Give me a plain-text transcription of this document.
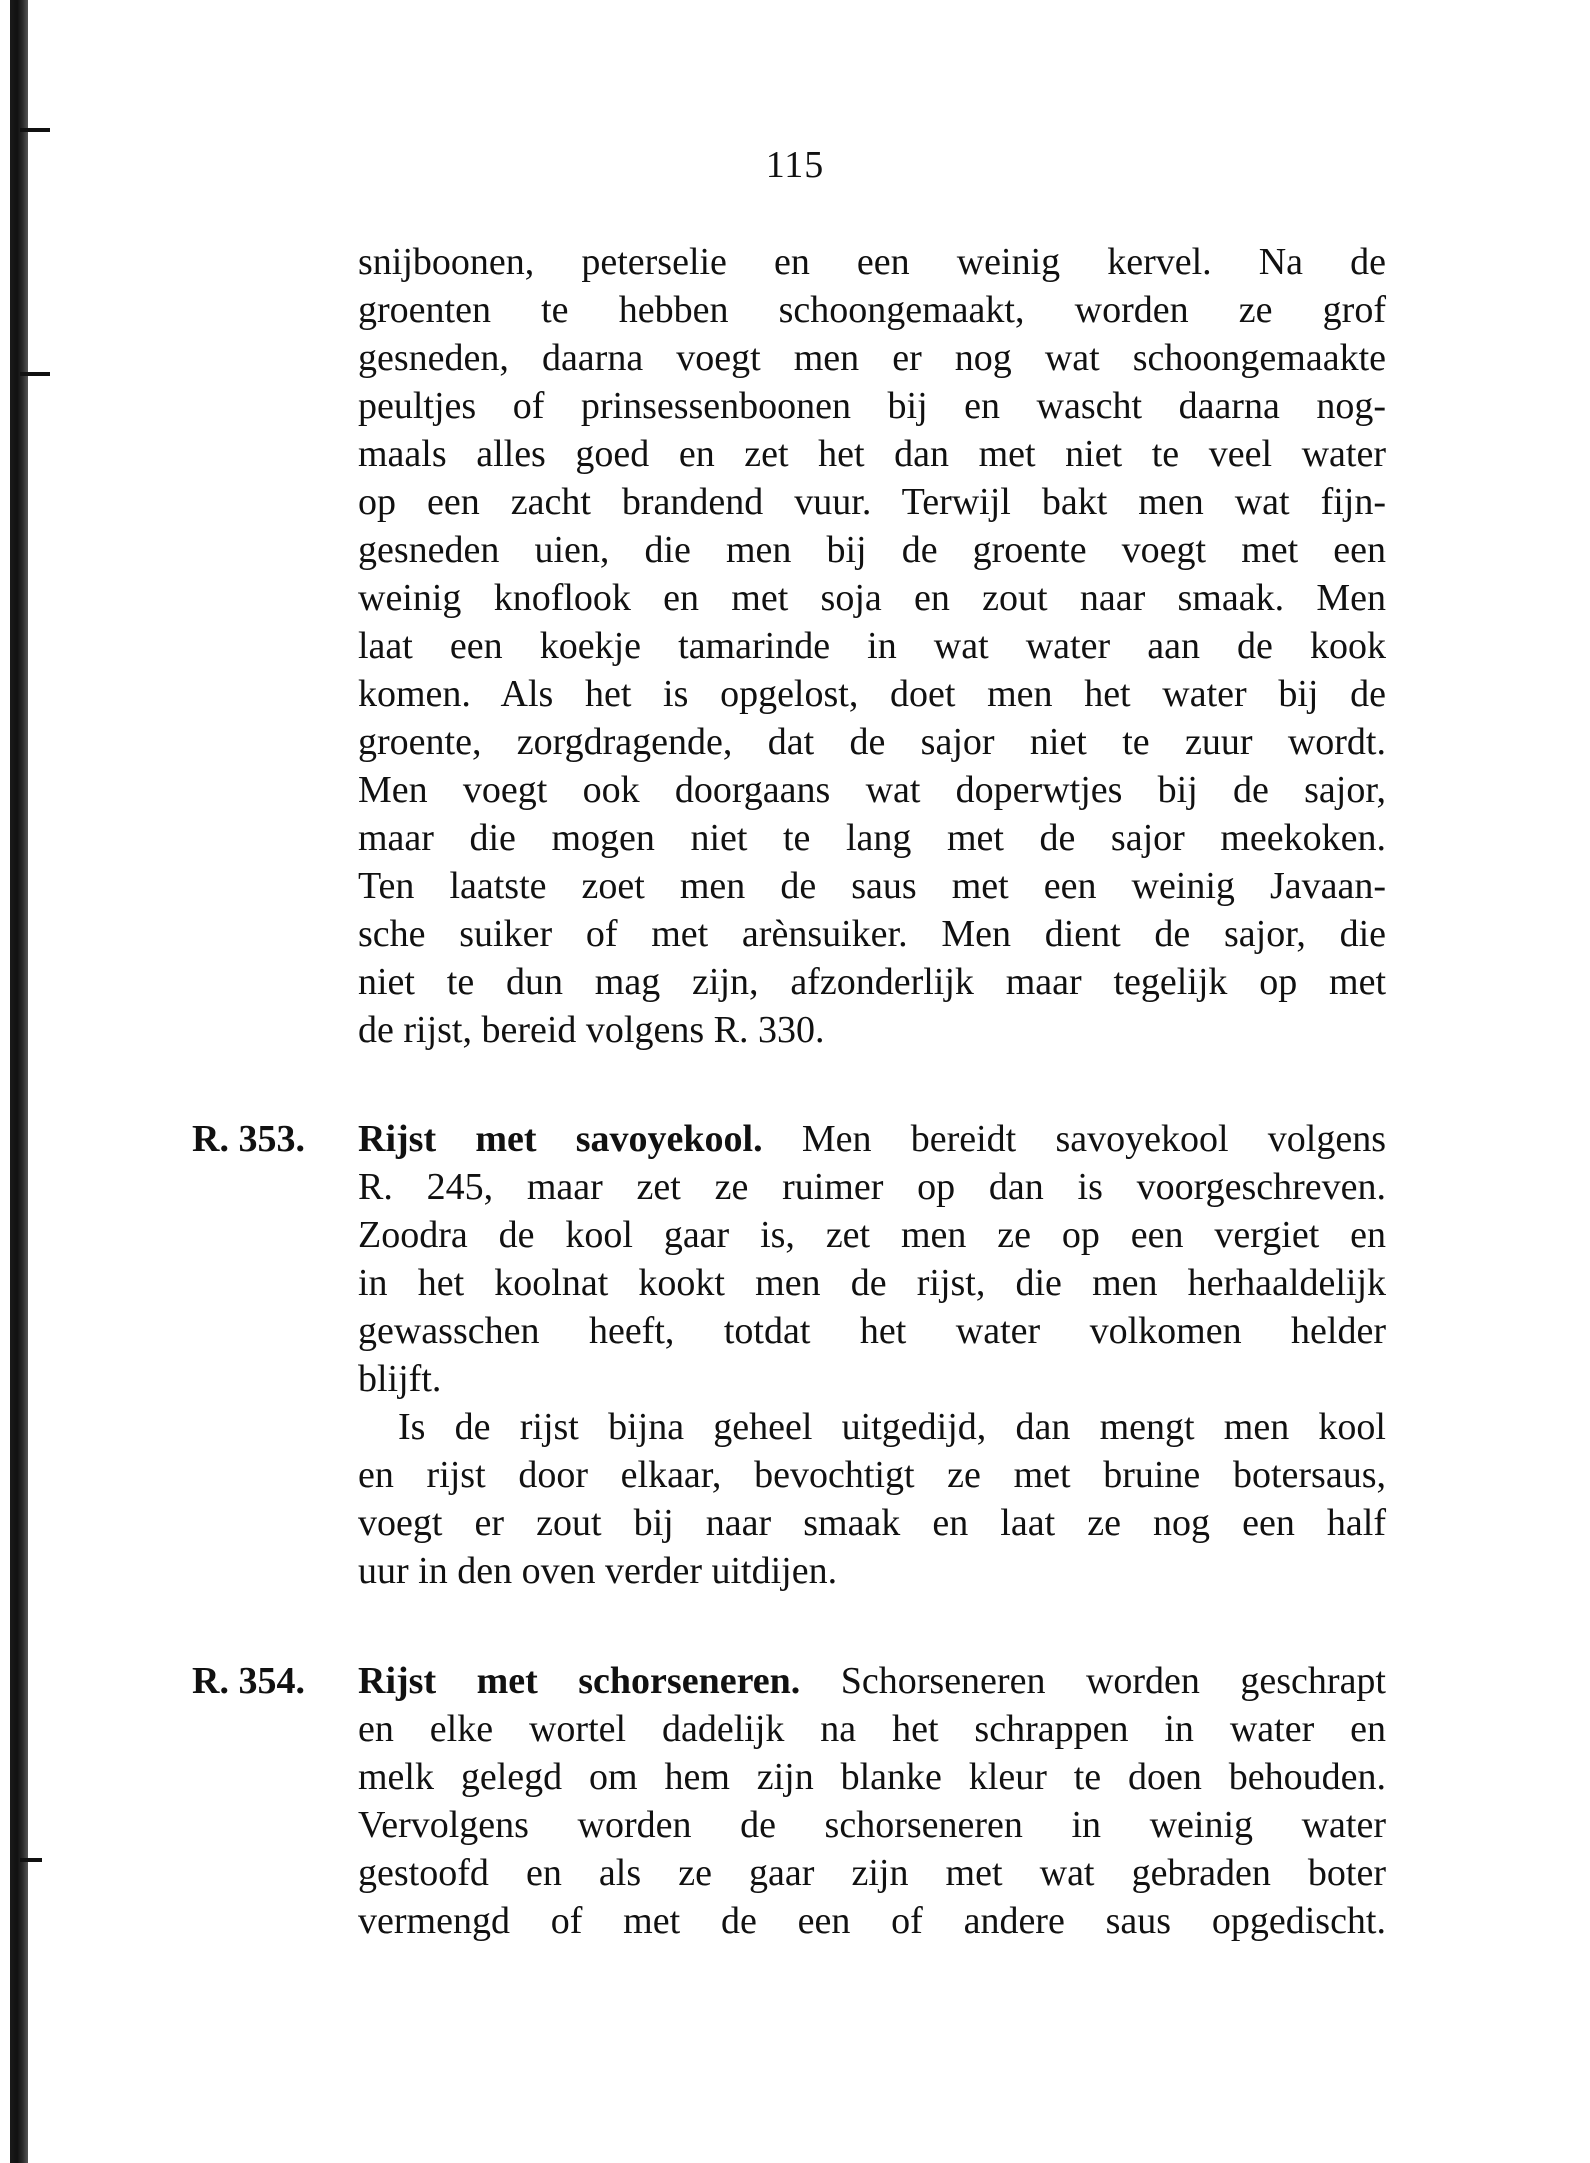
115
snijboonen, peterselie en een weinig kervel. Na de
groenten te hebben schoongemaakt, worden ze grof
gesneden, daarna voegt men er nog wat schoongemaakte
peultjes of prinsessenboonen bij en wascht daarna nog-
maals alles goed en zet het dan met niet te veel water
op een zacht brandend vuur. Terwijl bakt men wat fijn-
gesneden uien, die men bij de groente voegt met een
weinig knoflook en met soja en zout naar smaak. Men
laat een koekje tamarinde in wat water aan de kook
komen. Als het is opgelost, doet men het water bij de
groente, zorgdragende, dat de sajor niet te zuur wordt.
Men voegt ook doorgaans wat doperwtjes bij de sajor,
maar die mogen niet te lang met de sajor meekoken.
Ten laatste zoet men de saus met een weinig Javaan-
sche suiker of met arènsuiker. Men dient de sajor, die
niet te dun mag zijn, afzonderlijk maar tegelijk op met
de rijst, bereid volgens R. 330.
R. 353. Rijst met savoyekool. Men bereidt savoyekool volgens
R. 245, maar zet ze ruimer op dan is voorgeschreven.
Zoodra de kool gaar is, zet men ze op een vergiet en
in het koolnat kookt men de rijst, die men herhaaldelijk
gewasschen heeft, totdat het water volkomen helder
blijft.
Is de rijst bijna geheel uitgedijd, dan mengt men kool
en rijst door elkaar, bevochtigt ze met bruine botersaus,
voegt er zout bij naar smaak en laat ze nog een half
uur in den oven verder uitdijen.
R. 354. Rijst met schorseneren. Schorseneren worden geschrapt
en elke wortel dadelijk na het schrappen in water en
melk gelegd om hem zijn blanke kleur te doen behouden.
Vervolgens worden de schorseneren in weinig water
gestoofd en als ze gaar zijn met wat gebraden boter
vermengd of met de een of andere saus opgedischt.
